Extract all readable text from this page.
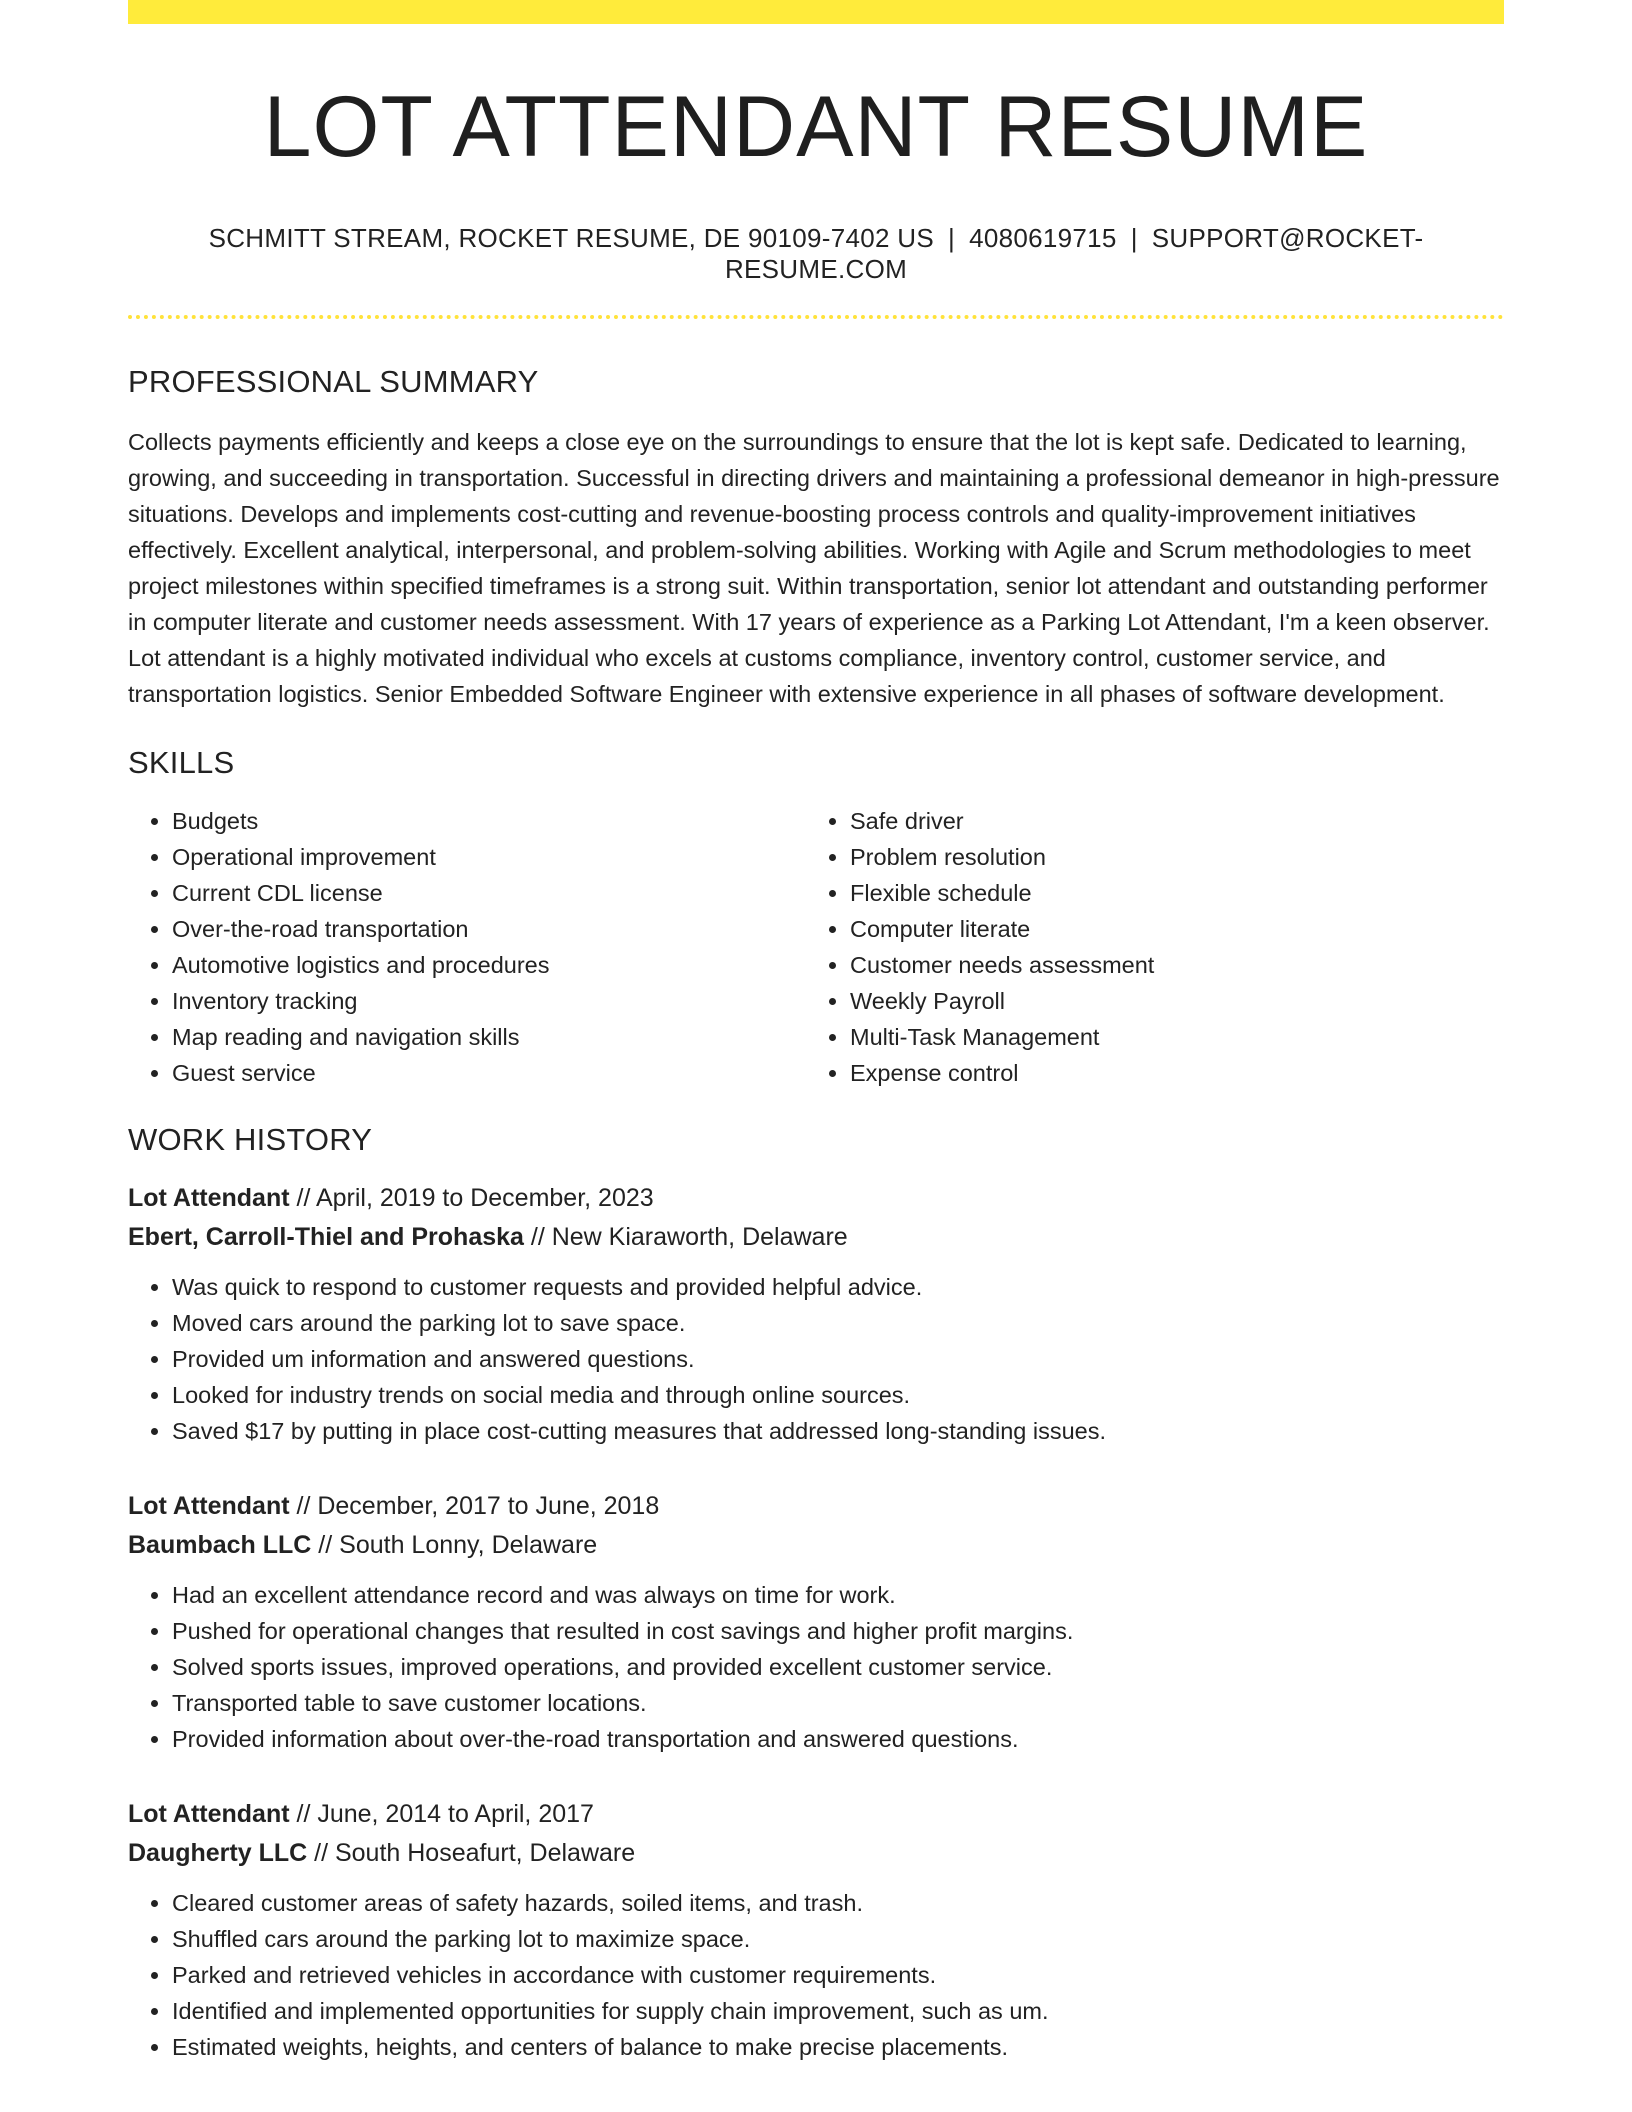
LOT ATTENDANT RESUME
SCHMITT STREAM, ROCKET RESUME, DE 90109-7402 US | 4080619715 | SUPPORT@ROCKET-RESUME.COM
PROFESSIONAL SUMMARY

Collects payments efficiently and keeps a close eye on the surroundings to ensure that the lot is kept safe. Dedicated to learning, growing, and succeeding in transportation. Successful in directing drivers and maintaining a professional demeanor in high-pressure situations. Develops and implements cost-cutting and revenue-boosting process controls and quality-improvement initiatives effectively. Excellent analytical, interpersonal, and problem-solving abilities. Working with Agile and Scrum methodologies to meet project milestones within specified timeframes is a strong suit. Within transportation, senior lot attendant and outstanding performer in computer literate and customer needs assessment. With 17 years of experience as a Parking Lot Attendant, I'm a keen observer. Lot attendant is a highly motivated individual who excels at customs compliance, inventory control, customer service, and transportation logistics. Senior Embedded Software Engineer with extensive experience in all phases of software development.

SKILLS
• Budgets
• Operational improvement
• Current CDL license
• Over-the-road transportation
• Automotive logistics and procedures
• Inventory tracking
• Map reading and navigation skills
• Guest service
• Safe driver
• Problem resolution
• Flexible schedule
• Computer literate
• Customer needs assessment
• Weekly Payroll
• Multi-Task Management
• Expense control
WORK HISTORY
Lot Attendant // April, 2019 to December, 2023
Ebert, Carroll-Thiel and Prohaska // New Kiaraworth, Delaware
• Was quick to respond to customer requests and provided helpful advice.
• Moved cars around the parking lot to save space.
• Provided um information and answered questions.
• Looked for industry trends on social media and through online sources.
• Saved $17 by putting in place cost-cutting measures that addressed long-standing issues.
Lot Attendant // December, 2017 to June, 2018
Baumbach LLC // South Lonny, Delaware
• Had an excellent attendance record and was always on time for work.
• Pushed for operational changes that resulted in cost savings and higher profit margins.
• Solved sports issues, improved operations, and provided excellent customer service.
• Transported table to save customer locations.
• Provided information about over-the-road transportation and answered questions.
Lot Attendant // June, 2014 to April, 2017
Daugherty LLC // South Hoseafurt, Delaware
• Cleared customer areas of safety hazards, soiled items, and trash.
• Shuffled cars around the parking lot to maximize space.
• Parked and retrieved vehicles in accordance with customer requirements.
• Identified and implemented opportunities for supply chain improvement, such as um.
• Estimated weights, heights, and centers of balance to make precise placements.
